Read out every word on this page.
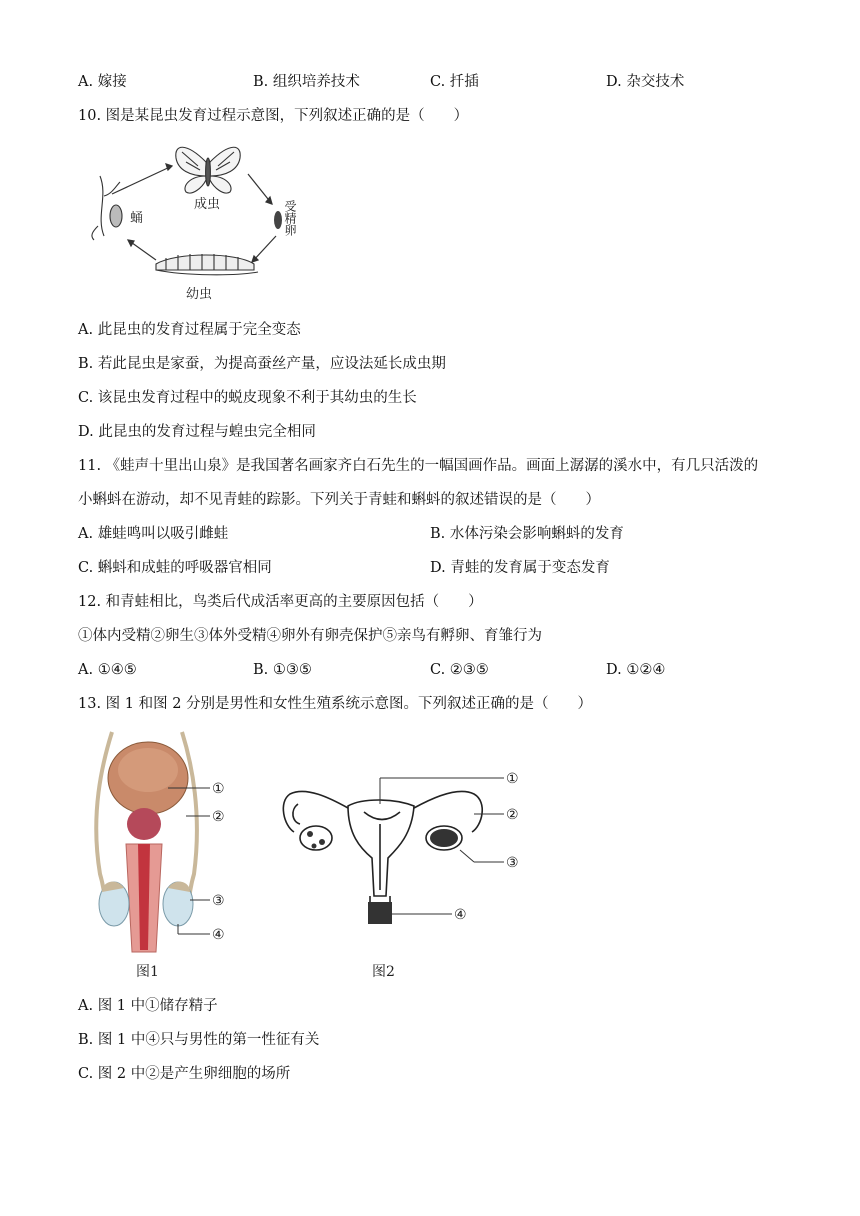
A. 嫁接	B. 组织培养技术	C. 扦插	D. 杂交技术
10. 图是某昆虫发育过程示意图，下列叙述正确的是（　　）
成虫	受精卵
幼虫
蛹
A. 此昆虫的发育过程属于完全变态
B. 若此昆虫是家蚕，为提高蚕丝产量，应设法延长成虫期
C. 该昆虫发育过程中的蜕皮现象不利于其幼虫的生长
D. 此昆虫的发育过程与蝗虫完全相同
11. 《蛙声十里出山泉》是我国著名画家齐白石先生的一幅国画作品。画面上潺潺的溪水中，有几只活泼的
小蝌蚪在游动，却不见青蛙的踪影。下列关于青蛙和蝌蚪的叙述错误的是（　　）
A. 雄蛙鸣叫以吸引雌蛙	B. 水体污染会影响蝌蚪的发育
C. 蝌蚪和成蛙的呼吸器官相同	D. 青蛙的发育属于变态发育
12. 和青蛙相比，鸟类后代成活率更高的主要原因包括（　　）
①体内受精②卵生③体外受精④卵外有卵壳保护⑤亲鸟有孵卵、育雏行为
A. ①④⑤	B. ①③⑤	C. ②③⑤	D. ①②④
13. 图 1 和图 2 分别是男性和女性生殖系统示意图。下列叙述正确的是（　　）
①
②
③
④
图1
①
②
③
④
图2
A. 图 1 中①储存精子
B. 图 1 中④只与男性的第一性征有关
C. 图 2 中②是产生卵细胞的场所
